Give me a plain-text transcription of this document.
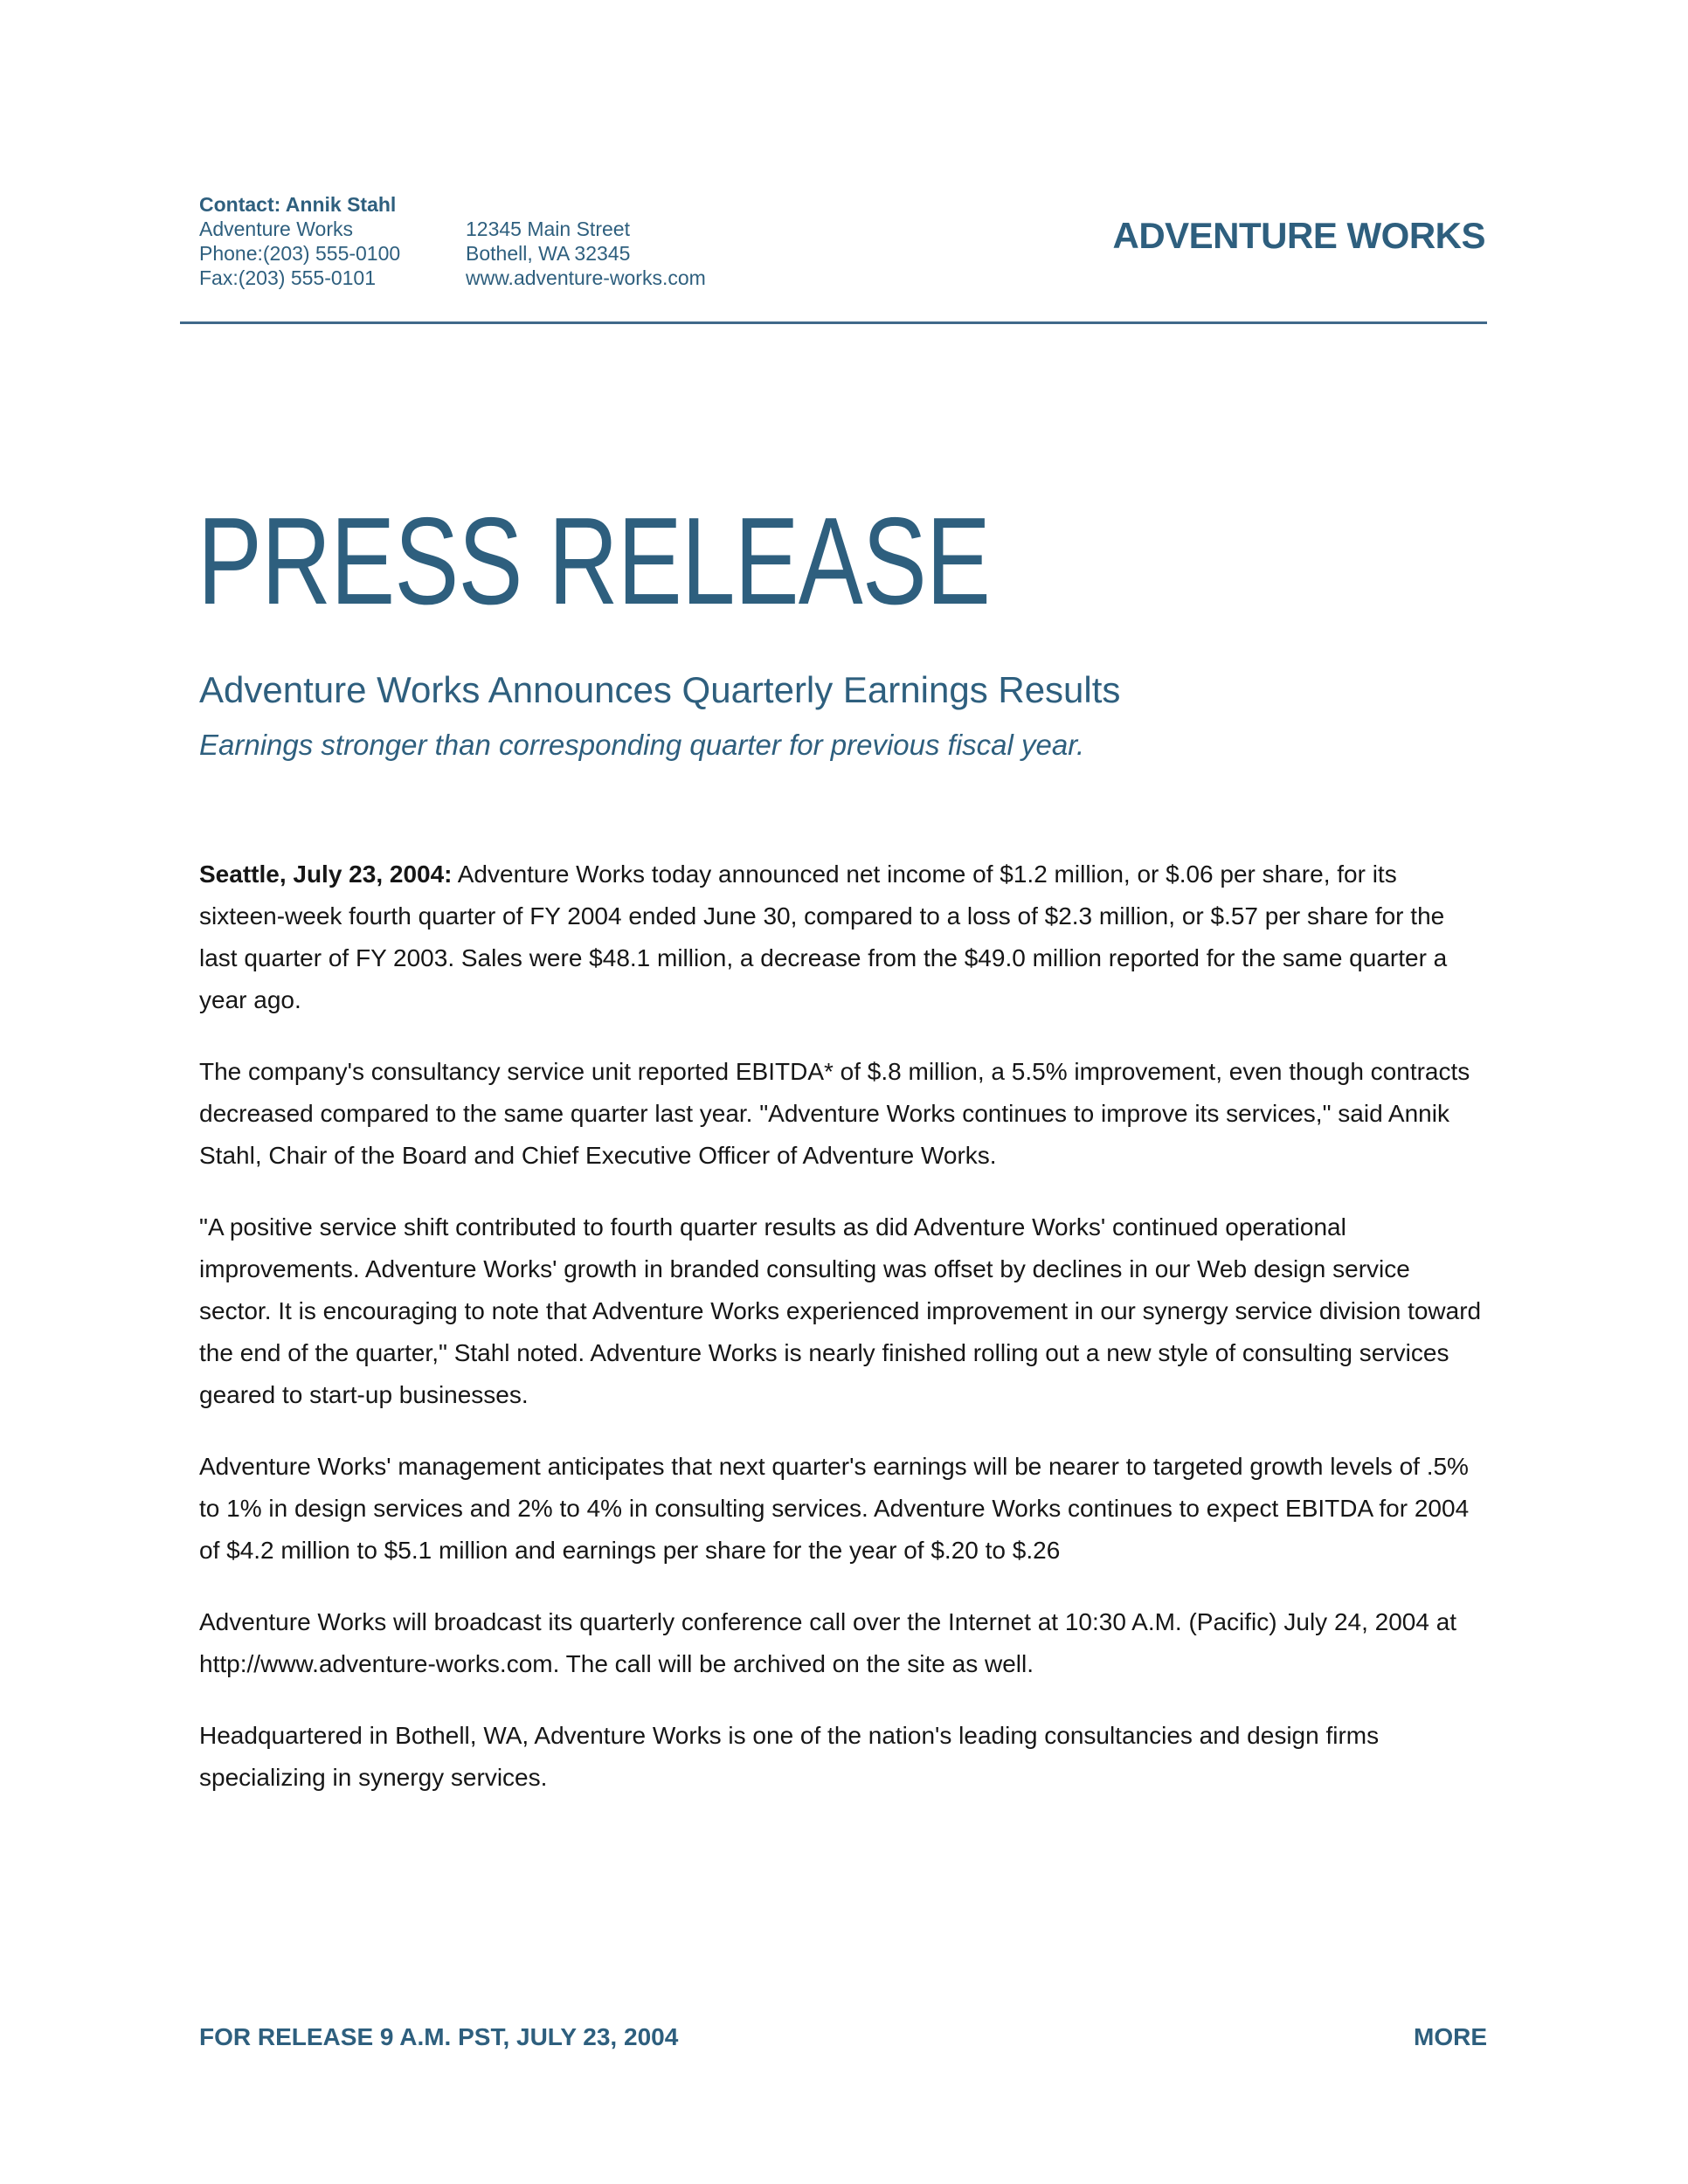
Contact: Annik Stahl
Adventure Works
Phone:(203) 555-0100
Fax:(203) 555-0101
12345 Main Street
Bothell, WA 32345
www.adventure-works.com
ADVENTURE WORKS
PRESS RELEASE
Adventure Works Announces Quarterly Earnings Results
Earnings stronger than corresponding quarter for previous fiscal year.

Seattle, July 23, 2004: Adventure Works today announced net income of $1.2 million, or $.06 per share, for its sixteen-week fourth quarter of FY 2004 ended June 30, compared to a loss of $2.3 million, or $.57 per share for the last quarter of FY 2003. Sales were $48.1 million, a decrease from the $49.0 million reported for the same quarter a year ago.

The company's consultancy service unit reported EBITDA* of $.8 million, a 5.5% improvement, even though contracts decreased compared to the same quarter last year. "Adventure Works continues to improve its services," said Annik Stahl, Chair of the Board and Chief Executive Officer of Adventure Works.

"A positive service shift contributed to fourth quarter results as did Adventure Works' continued operational improvements. Adventure Works' growth in branded consulting was offset by declines in our Web design service sector. It is encouraging to note that Adventure Works experienced improvement in our synergy service division toward the end of the quarter," Stahl noted. Adventure Works is nearly finished rolling out a new style of consulting services geared to start-up businesses.

Adventure Works' management anticipates that next quarter's earnings will be nearer to targeted growth levels of .5% to 1% in design services and 2% to 4% in consulting services. Adventure Works continues to expect EBITDA for 2004 of $4.2 million to $5.1 million and earnings per share for the year of $.20 to $.26

Adventure Works will broadcast its quarterly conference call over the Internet at 10:30 A.M. (Pacific) July 24, 2004 at http://www.adventure-works.com. The call will be archived on the site as well.

Headquartered in Bothell, WA, Adventure Works is one of the nation's leading consultancies and design firms specializing in synergy services.

FOR RELEASE 9 A.M. PST, JULY 23, 2004	MORE
